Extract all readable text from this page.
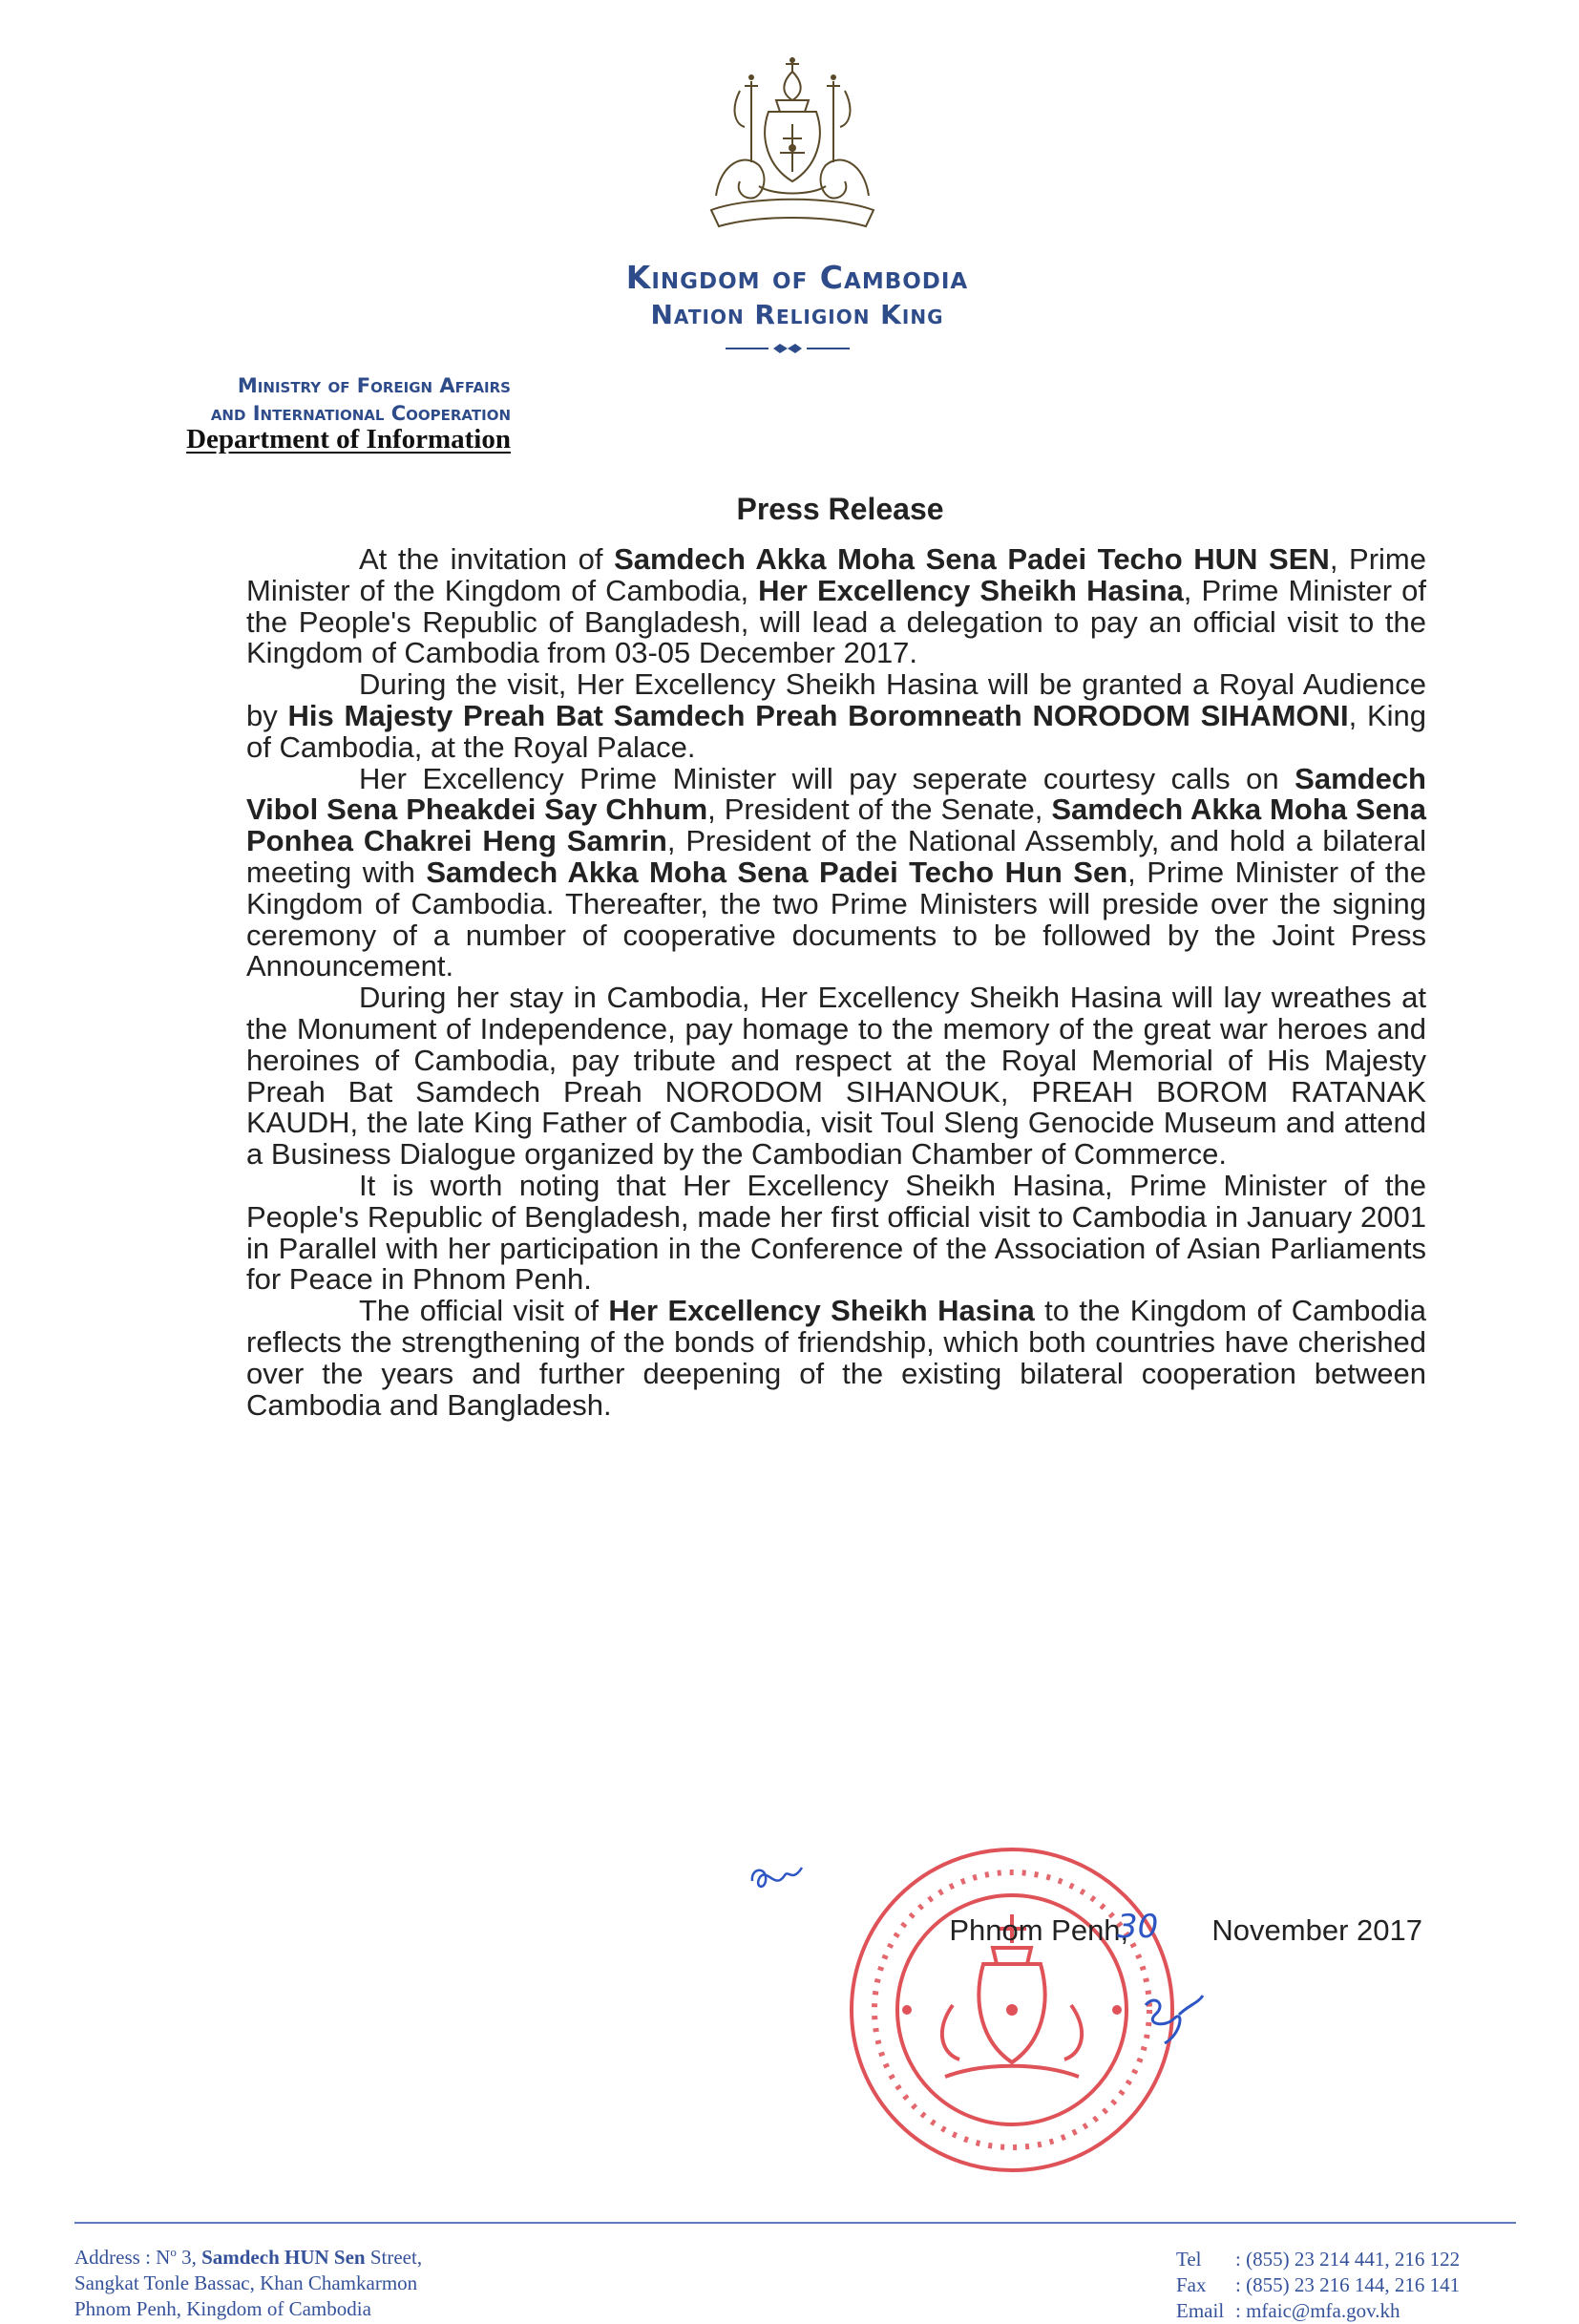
Kingdom of Cambodia
Nation Religion King
Ministry of Foreign Affairs
and International Cooperation
Department of Information
Press Release

At the invitation of Samdech Akka Moha Sena Padei Techo HUN SEN, Prime Minister of the Kingdom of Cambodia, Her Excellency Sheikh Hasina, Prime Minister of the People's Republic of Bangladesh, will lead a delegation to pay an official visit to the Kingdom of Cambodia from 03-05 December 2017.

During the visit, Her Excellency Sheikh Hasina will be granted a Royal Audience by His Majesty Preah Bat Samdech Preah Boromneath NORODOM SIHAMONI, King of Cambodia, at the Royal Palace.

Her Excellency Prime Minister will pay seperate courtesy calls on Samdech Vibol Sena Pheakdei Say Chhum, President of the Senate, Samdech Akka Moha Sena Ponhea Chakrei Heng Samrin, President of the National Assembly, and hold a bilateral meeting with Samdech Akka Moha Sena Padei Techo Hun Sen, Prime Minister of the Kingdom of Cambodia. Thereafter, the two Prime Ministers will preside over the signing ceremony of a number of cooperative documents to be followed by the Joint Press Announcement.

During her stay in Cambodia, Her Excellency Sheikh Hasina will lay wreathes at the Monument of Independence, pay homage to the memory of the great war heroes and heroines of Cambodia, pay tribute and respect at the Royal Memorial of His Majesty Preah Bat Samdech Preah NORODOM SIHANOUK, PREAH BOROM RATANAK KAUDH, the late King Father of Cambodia, visit Toul Sleng Genocide Museum and attend a Business Dialogue organized by the Cambodian Chamber of Commerce.

It is worth noting that Her Excellency Sheikh Hasina, Prime Minister of the People's Republic of Bengladesh, made her first official visit to Cambodia in January 2001 in Parallel with her participation in the Conference of the Association of Asian Parliaments for Peace in Phnom Penh.

The official visit of Her Excellency Sheikh Hasina to the Kingdom of Cambodia reflects the strengthening of the bonds of friendship, which both countries have cherished over the years and further deepening of the existing bilateral cooperation between Cambodia and Bangladesh.

Phnom Penh,	November 2017
30
Address : $N^o$ 3, Samdech HUN Sen Street,
Sangkat Tonle Bassac, Khan Chamkarmon
Phnom Penh, Kingdom of Cambodia
Tel : (855) 23 214 441, 216 122
Fax : (855) 23 216 144, 216 141
Email : mfaic@mfa.gov.kh
